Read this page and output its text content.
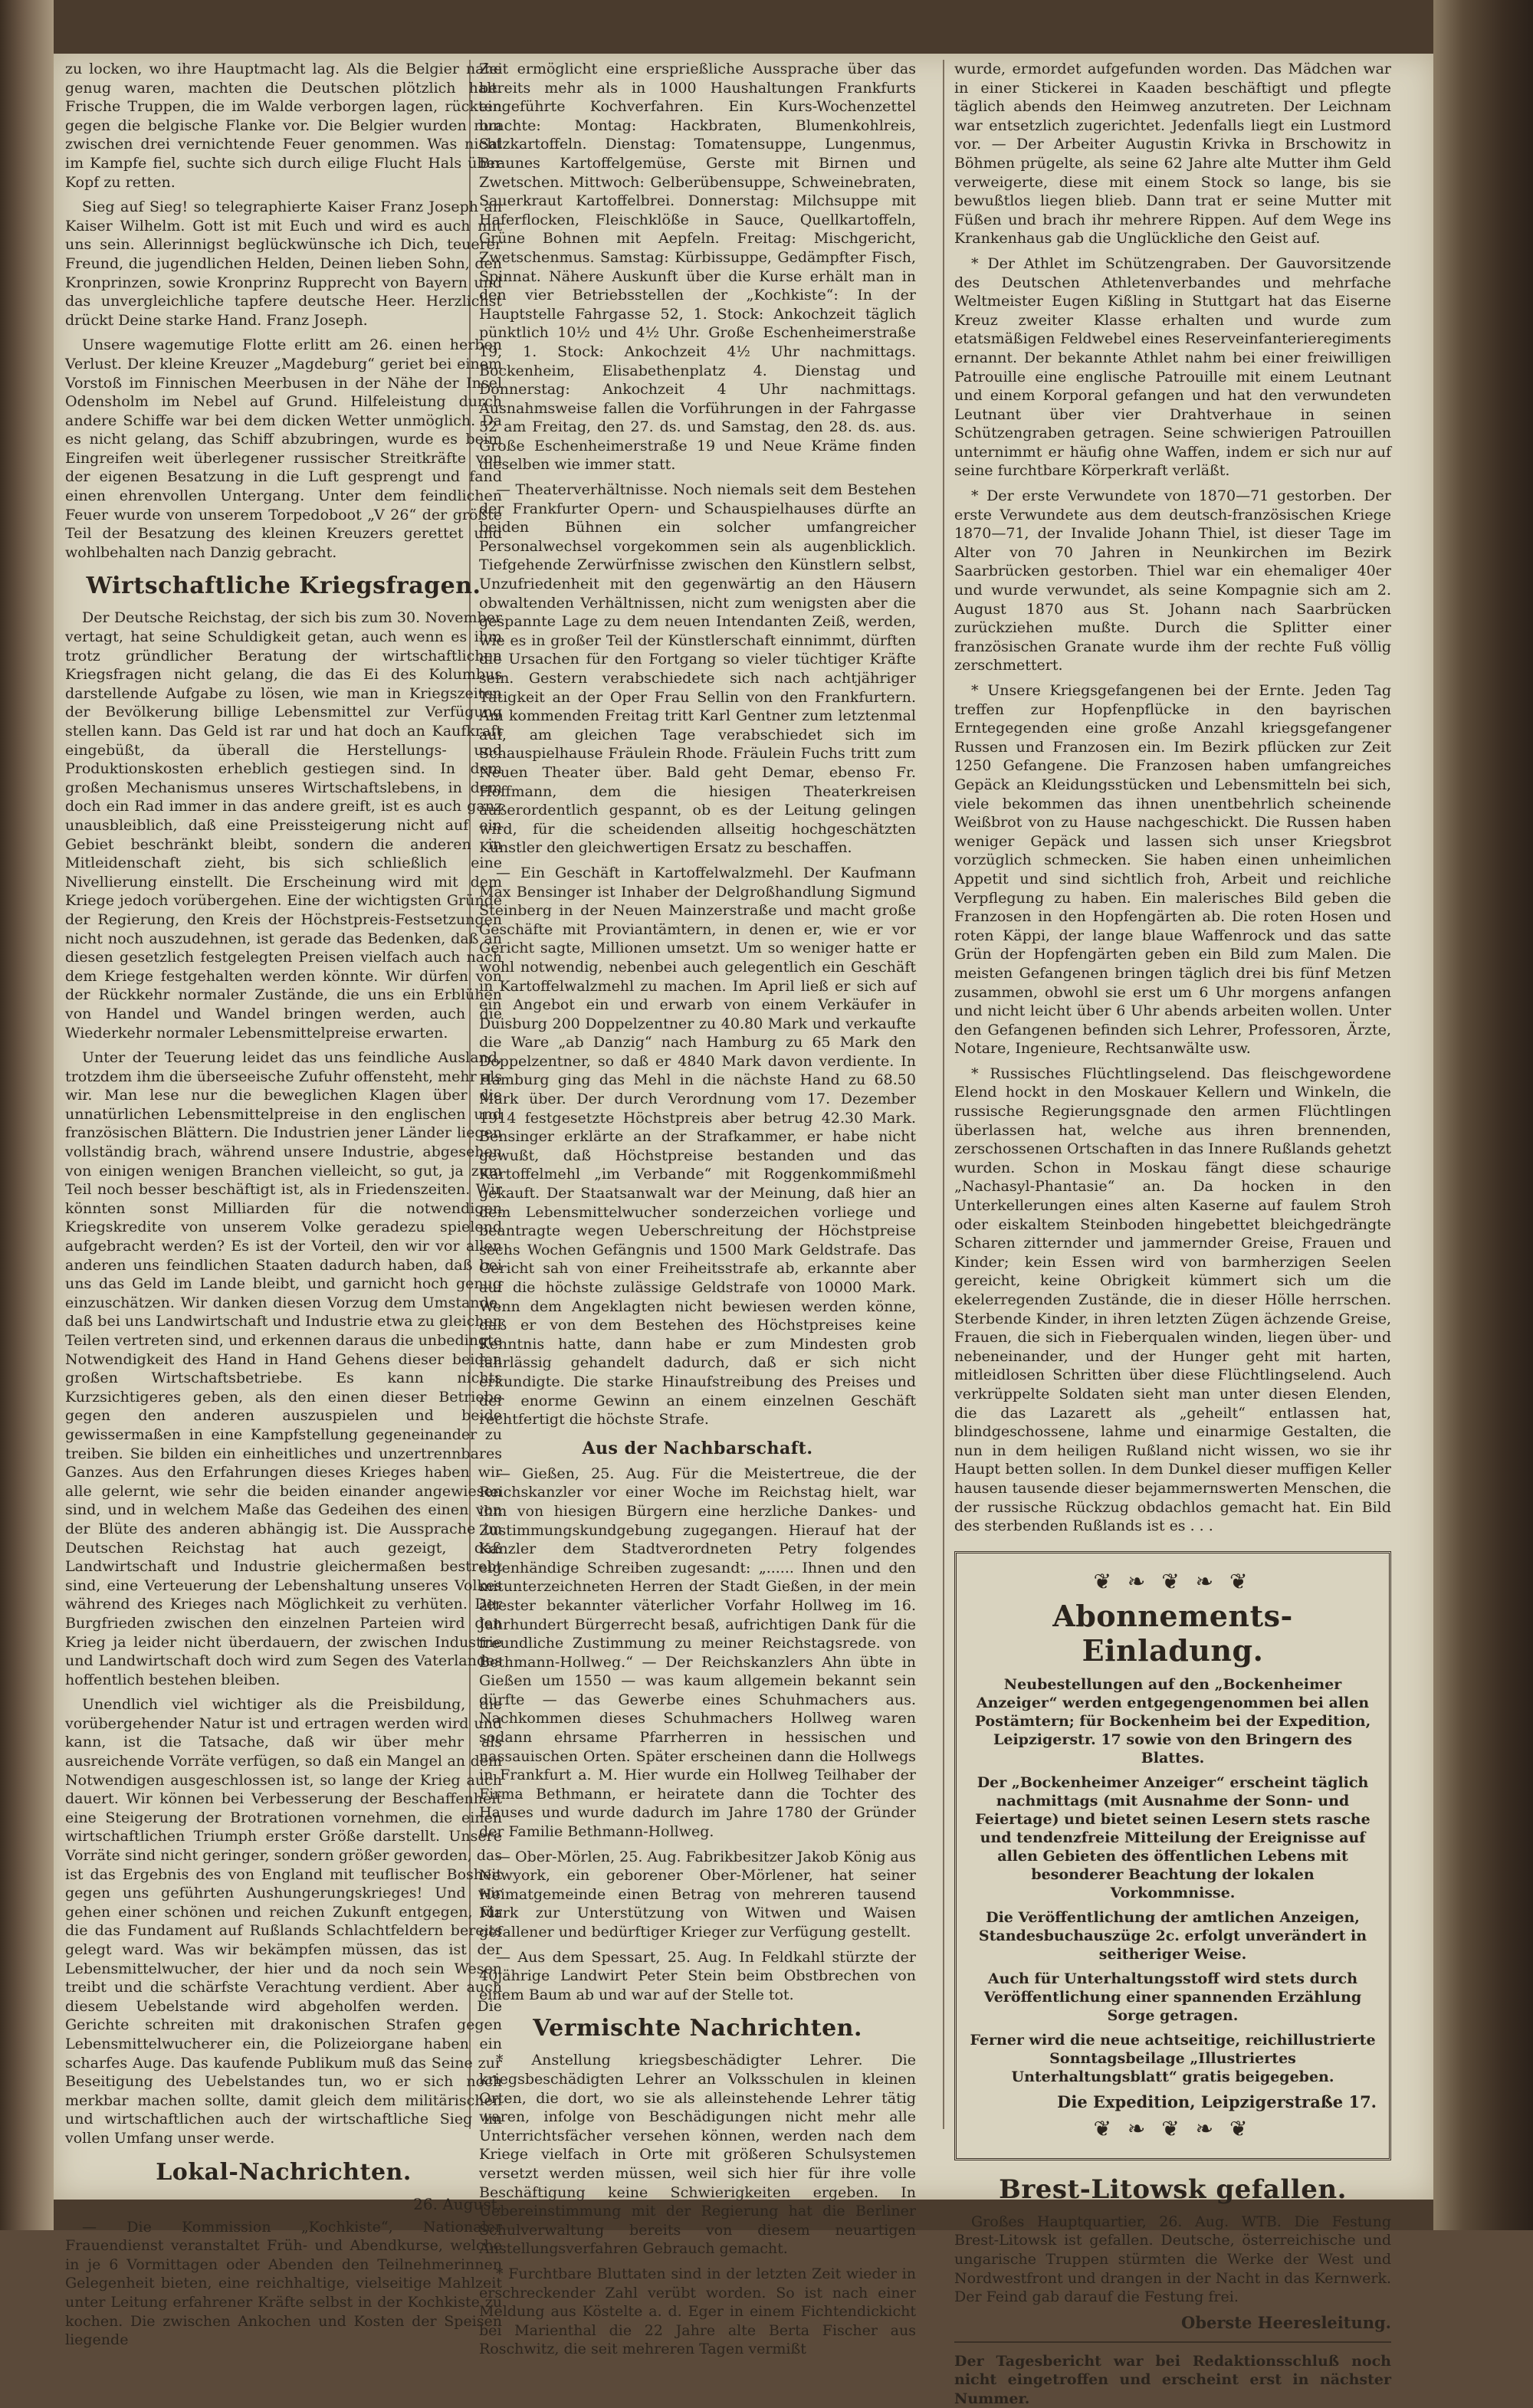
zu locken, wo ihre Hauptmacht lag. Als die Belgier nahe genug waren, machten die Deutschen plötzlich halt. Frische Truppen, die im Walde verborgen lagen, rückten gegen die belgische Flanke vor. Die Belgier wurden nun zwischen drei vernichtende Feuer genommen. Was nicht im Kampfe fiel, suchte sich durch eilige Flucht Hals über Kopf zu retten.

Sieg auf Sieg! so telegraphierte Kaiser Franz Joseph an Kaiser Wilhelm. Gott ist mit Euch und wird es auch mit uns sein. Allerinnigst beglückwünsche ich Dich, teuerer Freund, die jugendlichen Helden, Deinen lieben Sohn, den Kronprinzen, sowie Kronprinz Rupprecht von Bayern und das unvergleichliche tapfere deutsche Heer. Herzlichst drückt Deine starke Hand. Franz Joseph.

Unsere wagemutige Flotte erlitt am 26. einen herben Verlust. Der kleine Kreuzer „Magdeburg“ geriet bei einem Vorstoß im Finnischen Meerbusen in der Nähe der Insel Odensholm im Nebel auf Grund. Hilfeleistung durch andere Schiffe war bei dem dicken Wetter unmöglich. Da es nicht gelang, das Schiff abzubringen, wurde es beim Eingreifen weit überlegener russischer Streitkräfte von der eigenen Besatzung in die Luft gesprengt und fand einen ehrenvollen Untergang. Unter dem feindlichen Feuer wurde von unserem Torpedoboot „V 26“ der größte Teil der Besatzung des kleinen Kreuzers gerettet und wohlbehalten nach Danzig gebracht.

Wirtschaftliche Kriegsfragen.

Der Deutsche Reichstag, der sich bis zum 30. November vertagt, hat seine Schuldigkeit getan, auch wenn es ihm trotz gründlicher Beratung der wirtschaftlichen Kriegsfragen nicht gelang, die das Ei des Kolumbus darstellende Aufgabe zu lösen, wie man in Kriegszeiten der Bevölkerung billige Lebensmittel zur Verfügung stellen kann. Das Geld ist rar und hat doch an Kaufkraft eingebüßt, da überall die Herstellungs- und Produktionskosten erheblich gestiegen sind. In dem großen Mechanismus unseres Wirtschaftslebens, in dem doch ein Rad immer in das andere greift, ist es auch ganz unausbleiblich, daß eine Preissteigerung nicht auf ein Gebiet beschränkt bleibt, sondern die anderen in Mitleidenschaft zieht, bis sich schließlich eine Nivellierung einstellt. Die Erscheinung wird mit dem Kriege jedoch vorübergehen. Eine der wichtigsten Gründe der Regierung, den Kreis der Höchstpreis-Festsetzungen nicht noch auszudehnen, ist gerade das Bedenken, daß an diesen gesetzlich festgelegten Preisen vielfach auch nach dem Kriege festgehalten werden könnte. Wir dürfen von der Rückkehr normaler Zustände, die uns ein Erblühen von Handel und Wandel bringen werden, auch die Wiederkehr normaler Lebensmittelpreise erwarten.

Unter der Teuerung leidet das uns feindliche Ausland, trotzdem ihm die überseeische Zufuhr offensteht, mehr als wir. Man lese nur die beweglichen Klagen über die unnatürlichen Lebensmittelpreise in den englischen und französischen Blättern. Die Industrien jener Länder liegen vollständig brach, während unsere Industrie, abgesehen von einigen wenigen Branchen vielleicht, so gut, ja zum Teil noch besser beschäftigt ist, als in Friedenszeiten. Wir könnten sonst Milliarden für die notwendigen Kriegskredite von unserem Volke geradezu spielend aufgebracht werden? Es ist der Vorteil, den wir vor allen anderen uns feindlichen Staaten dadurch haben, daß bei uns das Geld im Lande bleibt, und garnicht hoch genug einzuschätzen. Wir danken diesen Vorzug dem Umstande, daß bei uns Landwirtschaft und Industrie etwa zu gleichen Teilen vertreten sind, und erkennen daraus die unbedingte Notwendigkeit des Hand in Hand Gehens dieser beiden großen Wirtschaftsbetriebe. Es kann nichts Kurzsichtigeres geben, als den einen dieser Betriebe gegen den anderen auszuspielen und beide gewissermaßen in eine Kampfstellung gegeneinander zu treiben. Sie bilden ein einheitliches und unzertrennbares Ganzes. Aus den Erfahrungen dieses Krieges haben wir alle gelernt, wie sehr die beiden einander angewiesen sind, und in welchem Maße das Gedeihen des einen von der Blüte des anderen abhängig ist. Die Aussprache im Deutschen Reichstag hat auch gezeigt, daß Landwirtschaft und Industrie gleichermaßen bestrebt sind, eine Verteuerung der Lebenshaltung unseres Volkes während des Krieges nach Möglichkeit zu verhüten. Der Burgfrieden zwischen den einzelnen Parteien wird den Krieg ja leider nicht überdauern, der zwischen Industrie und Landwirtschaft doch wird zum Segen des Vaterlandes hoffentlich bestehen bleiben.

Unendlich viel wichtiger als die Preisbildung, die vorübergehender Natur ist und ertragen werden wird und kann, ist die Tatsache, daß wir über mehr als ausreichende Vorräte verfügen, so daß ein Mangel an dem Notwendigen ausgeschlossen ist, so lange der Krieg auch dauert. Wir können bei Verbesserung der Beschaffenheit eine Steigerung der Brotrationen vornehmen, die einen wirtschaftlichen Triumph erster Größe darstellt. Unsere Vorräte sind nicht geringer, sondern größer geworden, das ist das Ergebnis des von England mit teuflischer Bosheit gegen uns geführten Aushungerungskrieges! Und wir gehen einer schönen und reichen Zukunft entgegen, für die das Fundament auf Rußlands Schlachtfeldern bereits gelegt ward. Was wir bekämpfen müssen, das ist der Lebensmittelwucher, der hier und da noch sein Wesen treibt und die schärfste Verachtung verdient. Aber auch diesem Uebelstande wird abgeholfen werden. Die Gerichte schreiten mit drakonischen Strafen gegen Lebensmittelwucherer ein, die Polizeiorgane haben ein scharfes Auge. Das kaufende Publikum muß das Seine zur Beseitigung des Uebelstandes tun, wo er sich noch merkbar machen sollte, damit gleich dem militärischen und wirtschaftlichen auch der wirtschaftliche Sieg im vollen Umfang unser werde.

Lokal-Nachrichten.
26. August.

— Die Kommission „Kochkiste“, Nationaler Frauendienst veranstaltet Früh- und Abendkurse, welche in je 6 Vormittagen oder Abenden den Teilnehmerinnen Gelegenheit bieten, eine reichhaltige, vielseitige Mahlzeit unter Leitung erfahrener Kräfte selbst in der Kochkiste zu kochen. Die zwischen Ankochen und Kosten der Speisen liegende

Zeit ermöglicht eine ersprießliche Aussprache über das bereits mehr als in 1000 Haushaltungen Frankfurts eingeführte Kochverfahren. Ein Kurs-Wochenzettel brachte: Montag: Hackbraten, Blumenkohlreis, Salzkartoffeln. Dienstag: Tomatensuppe, Lungenmus, Braunes Kartoffelgemüse, Gerste mit Birnen und Zwetschen. Mittwoch: Gelberübensuppe, Schweinebraten, Sauerkraut Kartoffelbrei. Donnerstag: Milchsuppe mit Haferflocken, Fleischklöße in Sauce, Quellkartoffeln, Grüne Bohnen mit Aepfeln. Freitag: Mischgericht, Zwetschenmus. Samstag: Kürbissuppe, Gedämpfter Fisch, Spinnat. Nähere Auskunft über die Kurse erhält man in den vier Betriebsstellen der „Kochkiste“: In der Hauptstelle Fahrgasse 52, 1. Stock: Ankochzeit täglich pünktlich 10½ und 4½ Uhr. Große Eschenheimerstraße 19, 1. Stock: Ankochzeit 4½ Uhr nachmittags. Bockenheim, Elisabethenplatz 4. Dienstag und Donnerstag: Ankochzeit 4 Uhr nachmittags. Ausnahmsweise fallen die Vorführungen in der Fahrgasse 52 am Freitag, den 27. ds. und Samstag, den 28. ds. aus. Große Eschenheimerstraße 19 und Neue Kräme finden dieselben wie immer statt.

— Theaterverhältnisse. Noch niemals seit dem Bestehen der Frankfurter Opern- und Schauspielhauses dürfte an beiden Bühnen ein solcher umfangreicher Personalwechsel vorgekommen sein als augenblicklich. Tiefgehende Zerwürfnisse zwischen den Künstlern selbst, Unzufriedenheit mit den gegenwärtig an den Häusern obwaltenden Verhältnissen, nicht zum wenigsten aber die gespannte Lage zu dem neuen Intendanten Zeiß, werden, wie es in großer Teil der Künstlerschaft einnimmt, dürften die Ursachen für den Fortgang so vieler tüchtiger Kräfte sein. Gestern verabschiedete sich nach achtjähriger Tätigkeit an der Oper Frau Sellin von den Frankfurtern. Am kommenden Freitag tritt Karl Gentner zum letztenmal auf, am gleichen Tage verabschiedet sich im Schauspielhause Fräulein Rhode. Fräulein Fuchs tritt zum Neuen Theater über. Bald geht Demar, ebenso Fr. Hoffmann, dem die hiesigen Theaterkreisen äußerordentlich gespannt, ob es der Leitung gelingen wird, für die scheidenden allseitig hochgeschätzten Künstler den gleichwertigen Ersatz zu beschaffen.

— Ein Geschäft in Kartoffelwalzmehl. Der Kaufmann Max Bensinger ist Inhaber der Delgroßhandlung Sigmund Steinberg in der Neuen Mainzerstraße und macht große Geschäfte mit Proviantämtern, in denen er, wie er vor Gericht sagte, Millionen umsetzt. Um so weniger hatte er wohl notwendig, nebenbei auch gelegentlich ein Geschäft in Kartoffelwalzmehl zu machen. Im April ließ er sich auf ein Angebot ein und erwarb von einem Verkäufer in Duisburg 200 Doppelzentner zu 40.80 Mark und verkaufte die Ware „ab Danzig“ nach Hamburg zu 65 Mark den Doppelzentner, so daß er 4840 Mark davon verdiente. In Hamburg ging das Mehl in die nächste Hand zu 68.50 Mark über. Der durch Verordnung vom 17. Dezember 1914 festgesetzte Höchstpreis aber betrug 42.30 Mark. Bensinger erklärte an der Strafkammer, er habe nicht gewußt, daß Höchstpreise bestanden und das Kartoffelmehl „im Verbande“ mit Roggenkommißmehl gekauft. Der Staatsanwalt war der Meinung, daß hier an dem Lebensmittelwucher sonderzeichen vorliege und beantragte wegen Ueberschreitung der Höchstpreise sechs Wochen Gefängnis und 1500 Mark Geldstrafe. Das Gericht sah von einer Freiheitsstrafe ab, erkannte aber auf die höchste zulässige Geldstrafe von 10000 Mark. Wenn dem Angeklagten nicht bewiesen werden könne, daß er von dem Bestehen des Höchstpreises keine Kenntnis hatte, dann habe er zum Mindesten grob fahrlässig gehandelt dadurch, daß er sich nicht erkundigte. Die starke Hinaufstreibung des Preises und der enorme Gewinn an einem einzelnen Geschäft rechtfertigt die höchste Strafe.

Aus der Nachbarschaft.

— Gießen, 25. Aug. Für die Meistertreue, die der Reichskanzler vor einer Woche im Reichstag hielt, war ihm von hiesigen Bürgern eine herzliche Dankes- und Zustimmungskundgebung zugegangen. Hierauf hat der Kanzler dem Stadtverordneten Petry folgendes eigenhändige Schreiben zugesandt: „...... Ihnen und den mitunterzeichneten Herren der Stadt Gießen, in der mein ältester bekannter väterlicher Vorfahr Hollweg im 16. Jahrhundert Bürgerrecht besaß, aufrichtigen Dank für die freundliche Zustimmung zu meiner Reichstagsrede. von Bethmann-Hollweg.“ — Der Reichskanzlers Ahn übte in Gießen um 1550 — was kaum allgemein bekannt sein dürfte — das Gewerbe eines Schuhmachers aus. Nachkommen dieses Schuhmachers Hollweg waren sodann ehrsame Pfarrherren in hessischen und nassauischen Orten. Später erscheinen dann die Hollwegs in Frankfurt a. M. Hier wurde ein Hollweg Teilhaber der Firma Bethmann, er heiratete dann die Tochter des Hauses und wurde dadurch im Jahre 1780 der Gründer der Familie Bethmann-Hollweg.

— Ober-Mörlen, 25. Aug. Fabrikbesitzer Jakob König aus Newyork, ein geborener Ober-Mörlener, hat seiner Heimatgemeinde einen Betrag von mehreren tausend Mark zur Unterstützung von Witwen und Waisen gefallener und bedürftiger Krieger zur Verfügung gestellt.

— Aus dem Spessart, 25. Aug. In Feldkahl stürzte der 40jährige Landwirt Peter Stein beim Obstbrechen von einem Baum ab und war auf der Stelle tot.

Vermischte Nachrichten.

* Anstellung kriegsbeschädigter Lehrer. Die kriegsbeschädigten Lehrer an Volksschulen in kleinen Orten, die dort, wo sie als alleinstehende Lehrer tätig waren, infolge von Beschädigungen nicht mehr alle Unterrichtsfächer versehen können, werden nach dem Kriege vielfach in Orte mit größeren Schulsystemen versetzt werden müssen, weil sich hier für ihre volle Beschäftigung keine Schwierigkeiten ergeben. In Uebereinstimmung mit der Regierung hat die Berliner Schulverwaltung bereits von diesem neuartigen Anstellungsverfahren Gebrauch gemacht.

* Furchtbare Bluttaten sind in der letzten Zeit wieder in erschreckender Zahl verübt worden. So ist nach einer Meldung aus Köstelte a. d. Eger in einem Fichtendickicht bei Marienthal die 22 Jahre alte Berta Fischer aus Roschwitz, die seit mehreren Tagen vermißt

wurde, ermordet aufgefunden worden. Das Mädchen war in einer Stickerei in Kaaden beschäftigt und pflegte täglich abends den Heimweg anzutreten. Der Leichnam war entsetzlich zugerichtet. Jedenfalls liegt ein Lustmord vor. — Der Arbeiter Augustin Krivka in Brschowitz in Böhmen prügelte, als seine 62 Jahre alte Mutter ihm Geld verweigerte, diese mit einem Stock so lange, bis sie bewußtlos liegen blieb. Dann trat er seine Mutter mit Füßen und brach ihr mehrere Rippen. Auf dem Wege ins Krankenhaus gab die Unglückliche den Geist auf.

* Der Athlet im Schützengraben. Der Gauvorsitzende des Deutschen Athletenverbandes und mehrfache Weltmeister Eugen Kißling in Stuttgart hat das Eiserne Kreuz zweiter Klasse erhalten und wurde zum etatsmäßigen Feldwebel eines Reserveinfanterieregiments ernannt. Der bekannte Athlet nahm bei einer freiwilligen Patrouille eine englische Patrouille mit einem Leutnant und einem Korporal gefangen und hat den verwundeten Leutnant über vier Drahtverhaue in seinen Schützengraben getragen. Seine schwierigen Patrouillen unternimmt er häufig ohne Waffen, indem er sich nur auf seine furchtbare Körperkraft verläßt.

* Der erste Verwundete von 1870—71 gestorben. Der erste Verwundete aus dem deutsch-französischen Kriege 1870—71, der Invalide Johann Thiel, ist dieser Tage im Alter von 70 Jahren in Neunkirchen im Bezirk Saarbrücken gestorben. Thiel war ein ehemaliger 40er und wurde verwundet, als seine Kompagnie sich am 2. August 1870 aus St. Johann nach Saarbrücken zurückziehen mußte. Durch die Splitter einer französischen Granate wurde ihm der rechte Fuß völlig zerschmettert.

* Unsere Kriegsgefangenen bei der Ernte. Jeden Tag treffen zur Hopfenpflücke in den bayrischen Erntegegenden eine große Anzahl kriegsgefangener Russen und Franzosen ein. Im Bezirk pflücken zur Zeit 1250 Gefangene. Die Franzosen haben umfangreiches Gepäck an Kleidungsstücken und Lebensmitteln bei sich, viele bekommen das ihnen unentbehrlich scheinende Weißbrot von zu Hause nachgeschickt. Die Russen haben weniger Gepäck und lassen sich unser Kriegsbrot vorzüglich schmecken. Sie haben einen unheimlichen Appetit und sind sichtlich froh, Arbeit und reichliche Verpflegung zu haben. Ein malerisches Bild geben die Franzosen in den Hopfengärten ab. Die roten Hosen und roten Käppi, der lange blaue Waffenrock und das satte Grün der Hopfengärten geben ein Bild zum Malen. Die meisten Gefangenen bringen täglich drei bis fünf Metzen zusammen, obwohl sie erst um 6 Uhr morgens anfangen und nicht leicht über 6 Uhr abends arbeiten wollen. Unter den Gefangenen befinden sich Lehrer, Professoren, Ärzte, Notare, Ingenieure, Rechtsanwälte usw.

* Russisches Flüchtlingselend. Das fleischgewordene Elend hockt in den Moskauer Kellern und Winkeln, die russische Regierungsgnade den armen Flüchtlingen überlassen hat, welche aus ihren brennenden, zerschossenen Ortschaften in das Innere Rußlands gehetzt wurden. Schon in Moskau fängt diese schaurige „Nachasyl-Phantasie“ an. Da hocken in den Unterkellerungen eines alten Kaserne auf faulem Stroh oder eiskaltem Steinboden hingebettet bleichgedrängte Scharen zitternder und jammernder Greise, Frauen und Kinder; kein Essen wird von barmherzigen Seelen gereicht, keine Obrigkeit kümmert sich um die ekelerregenden Zustände, die in dieser Hölle herrschen. Sterbende Kinder, in ihren letzten Zügen ächzende Greise, Frauen, die sich in Fieberqualen winden, liegen über- und nebeneinander, und der Hunger geht mit harten, mitleidlosen Schritten über diese Flüchtlingselend. Auch verkrüppelte Soldaten sieht man unter diesen Elenden, die das Lazarett als „geheilt“ entlassen hat, blindgeschossene, lahme und einarmige Gestalten, die nun in dem heiligen Rußland nicht wissen, wo sie ihr Haupt betten sollen. In dem Dunkel dieser muffigen Keller hausen tausende dieser bejammernswerten Menschen, die der russische Rückzug obdachlos gemacht hat. Ein Bild des sterbenden Rußlands ist es . . .

❦ ❧ ❦ ❧ ❦
Abonnements-Einladung.

Neubestellungen auf den „Bockenheimer Anzeiger“ werden entgegengenommen bei allen Postämtern; für Bockenheim bei der Expedition, Leipzigerstr. 17 sowie von den Bringern des Blattes.

Der „Bockenheimer Anzeiger“ erscheint täglich nachmittags (mit Ausnahme der Sonn- und Feiertage) und bietet seinen Lesern stets rasche und tendenzfreie Mitteilung der Ereignisse auf allen Gebieten des öffentlichen Lebens mit besonderer Beachtung der lokalen Vorkommnisse.

Die Veröffentlichung der amtlichen Anzeigen, Standesbuchauszüge 2c. erfolgt unverändert in seitheriger Weise.

Auch für Unterhaltungsstoff wird stets durch Veröffentlichung einer spannenden Erzählung Sorge getragen.

Ferner wird die neue achtseitige, reichillustrierte Sonntagsbeilage „Illustriertes Unterhaltungsblatt“ gratis beigegeben.

Die Expedition, Leipzigerstraße 17.
❦ ❧ ❦ ❧ ❦
Brest-Litowsk gefallen.

Großes Hauptquartier, 26. Aug. WTB. Die Festung Brest-Litowsk ist gefallen. Deutsche, österreichische und ungarische Truppen stürmten die Werke der West und Nordwestfront und drangen in der Nacht in das Kernwerk. Der Feind gab darauf die Festung frei.

Oberste Heeresleitung.

Der Tagesbericht war bei Redaktionsschluß noch nicht eingetroffen und erscheint erst in nächster Nummer.
